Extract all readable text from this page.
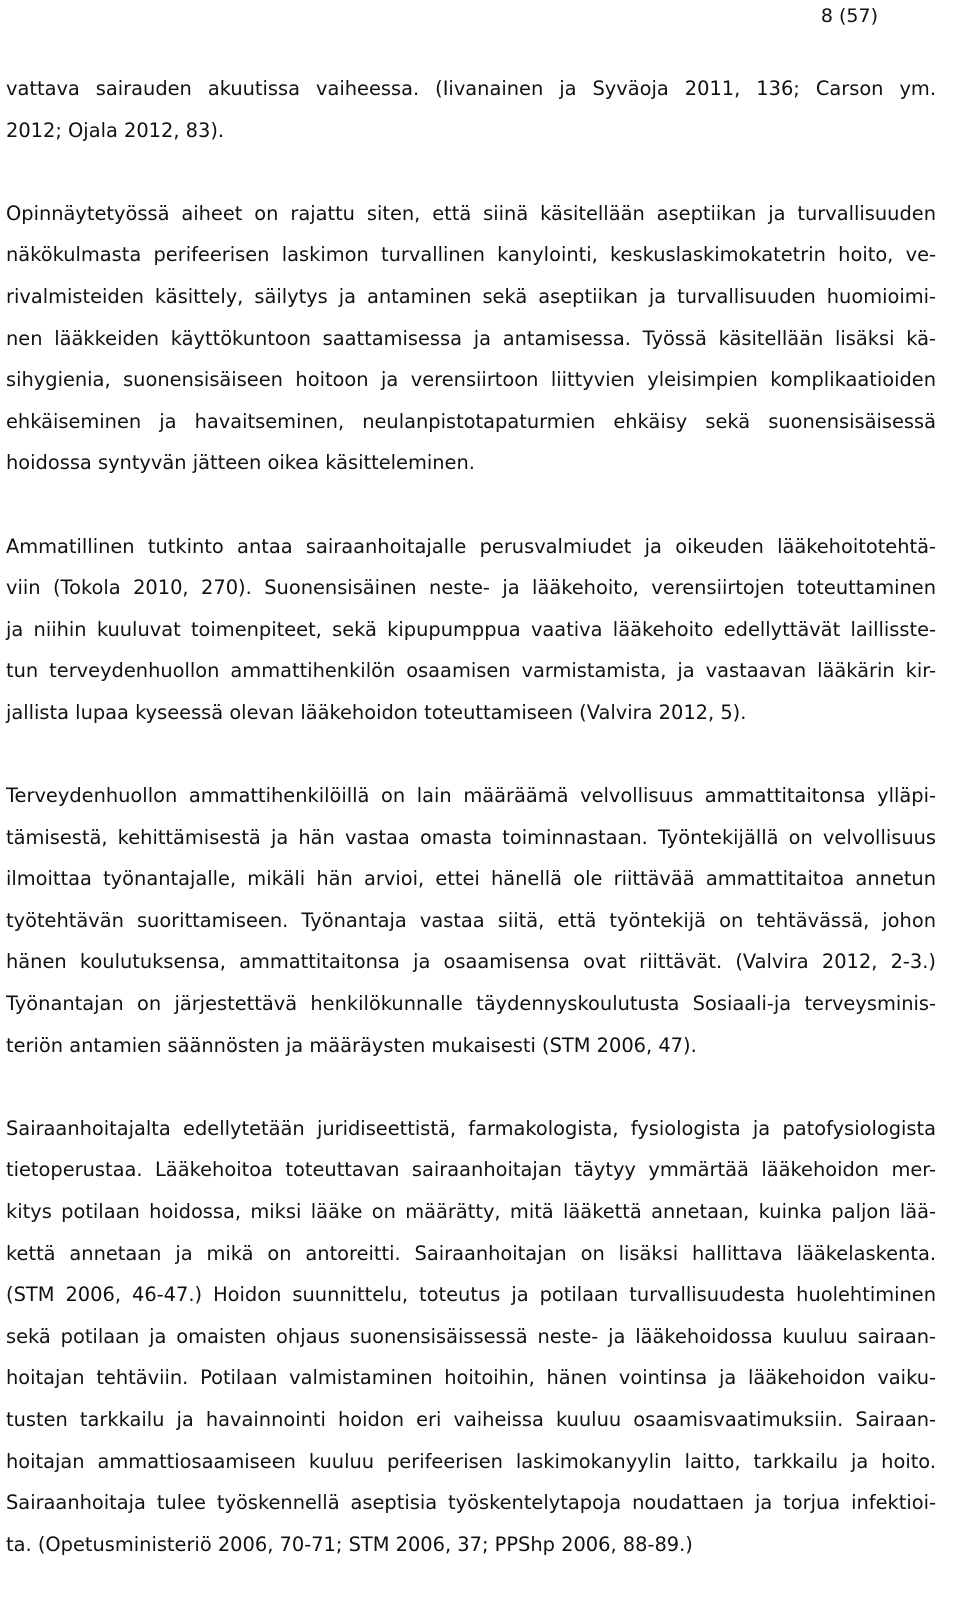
8 (57)
vattava sairauden akuutissa vaiheessa. (Iivanainen ja Syväoja 2011, 136; Carson ym.
2012; Ojala 2012, 83).
Opinnäytetyössä aiheet on rajattu siten, että siinä käsitellään aseptiikan ja turvallisuuden
näkökulmasta perifeerisen laskimon turvallinen kanylointi, keskuslaskimokatetrin hoito, ve-
rivalmisteiden käsittely, säilytys ja antaminen sekä aseptiikan ja turvallisuuden huomioimi-
nen lääkkeiden käyttökuntoon saattamisessa ja antamisessa. Työssä käsitellään lisäksi kä-
sihygienia, suonensisäiseen hoitoon ja verensiirtoon liittyvien yleisimpien komplikaatioiden
ehkäiseminen ja havaitseminen, neulanpistotapaturmien ehkäisy sekä suonensisäisessä
hoidossa syntyvän jätteen oikea käsitteleminen.
Ammatillinen tutkinto antaa sairaanhoitajalle perusvalmiudet ja oikeuden lääkehoitotehtä-
viin (Tokola 2010, 270). Suonensisäinen neste- ja lääkehoito, verensiirtojen toteuttaminen
ja niihin kuuluvat toimenpiteet, sekä kipupumppua vaativa lääkehoito edellyttävät laillisste-
tun terveydenhuollon ammattihenkilön osaamisen varmistamista, ja vastaavan lääkärin kir-
jallista lupaa kyseessä olevan lääkehoidon toteuttamiseen (Valvira 2012, 5).
Terveydenhuollon ammattihenkilöillä on lain määräämä velvollisuus ammattitaitonsa ylläpi-
tämisestä, kehittämisestä ja hän vastaa omasta toiminnastaan. Työntekijällä on velvollisuus
ilmoittaa työnantajalle, mikäli hän arvioi, ettei hänellä ole riittävää ammattitaitoa annetun
työtehtävän suorittamiseen. Työnantaja vastaa siitä, että työntekijä on tehtävässä, johon
hänen koulutuksensa, ammattitaitonsa ja osaamisensa ovat riittävät. (Valvira 2012, 2-3.)
Työnantajan on järjestettävä henkilökunnalle täydennyskoulutusta Sosiaali-ja terveysminis-
teriön antamien säännösten ja määräysten mukaisesti (STM 2006, 47).
Sairaanhoitajalta edellytetään juridiseettistä, farmakologista, fysiologista ja patofysiologista
tietoperustaa. Lääkehoitoa toteuttavan sairaanhoitajan täytyy ymmärtää lääkehoidon mer-
kitys potilaan hoidossa, miksi lääke on määrätty, mitä lääkettä annetaan, kuinka paljon lää-
kettä annetaan ja mikä on antoreitti. Sairaanhoitajan on lisäksi hallittava lääkelaskenta.
(STM 2006, 46-47.) Hoidon suunnittelu, toteutus ja potilaan turvallisuudesta huolehtiminen
sekä potilaan ja omaisten ohjaus suonensisäissessä neste- ja lääkehoidossa kuuluu sairaan-
hoitajan tehtäviin. Potilaan valmistaminen hoitoihin, hänen vointinsa ja lääkehoidon vaiku-
tusten tarkkailu ja havainnointi hoidon eri vaiheissa kuuluu osaamisvaatimuksiin. Sairaan-
hoitajan ammattiosaamiseen kuuluu perifeerisen laskimokanyylin laitto, tarkkailu ja hoito.
Sairaanhoitaja tulee työskennellä aseptisia työskentelytapoja noudattaen ja torjua infektioi-
ta. (Opetusministeriö 2006, 70-71; STM 2006, 37; PPShp 2006, 88-89.)
